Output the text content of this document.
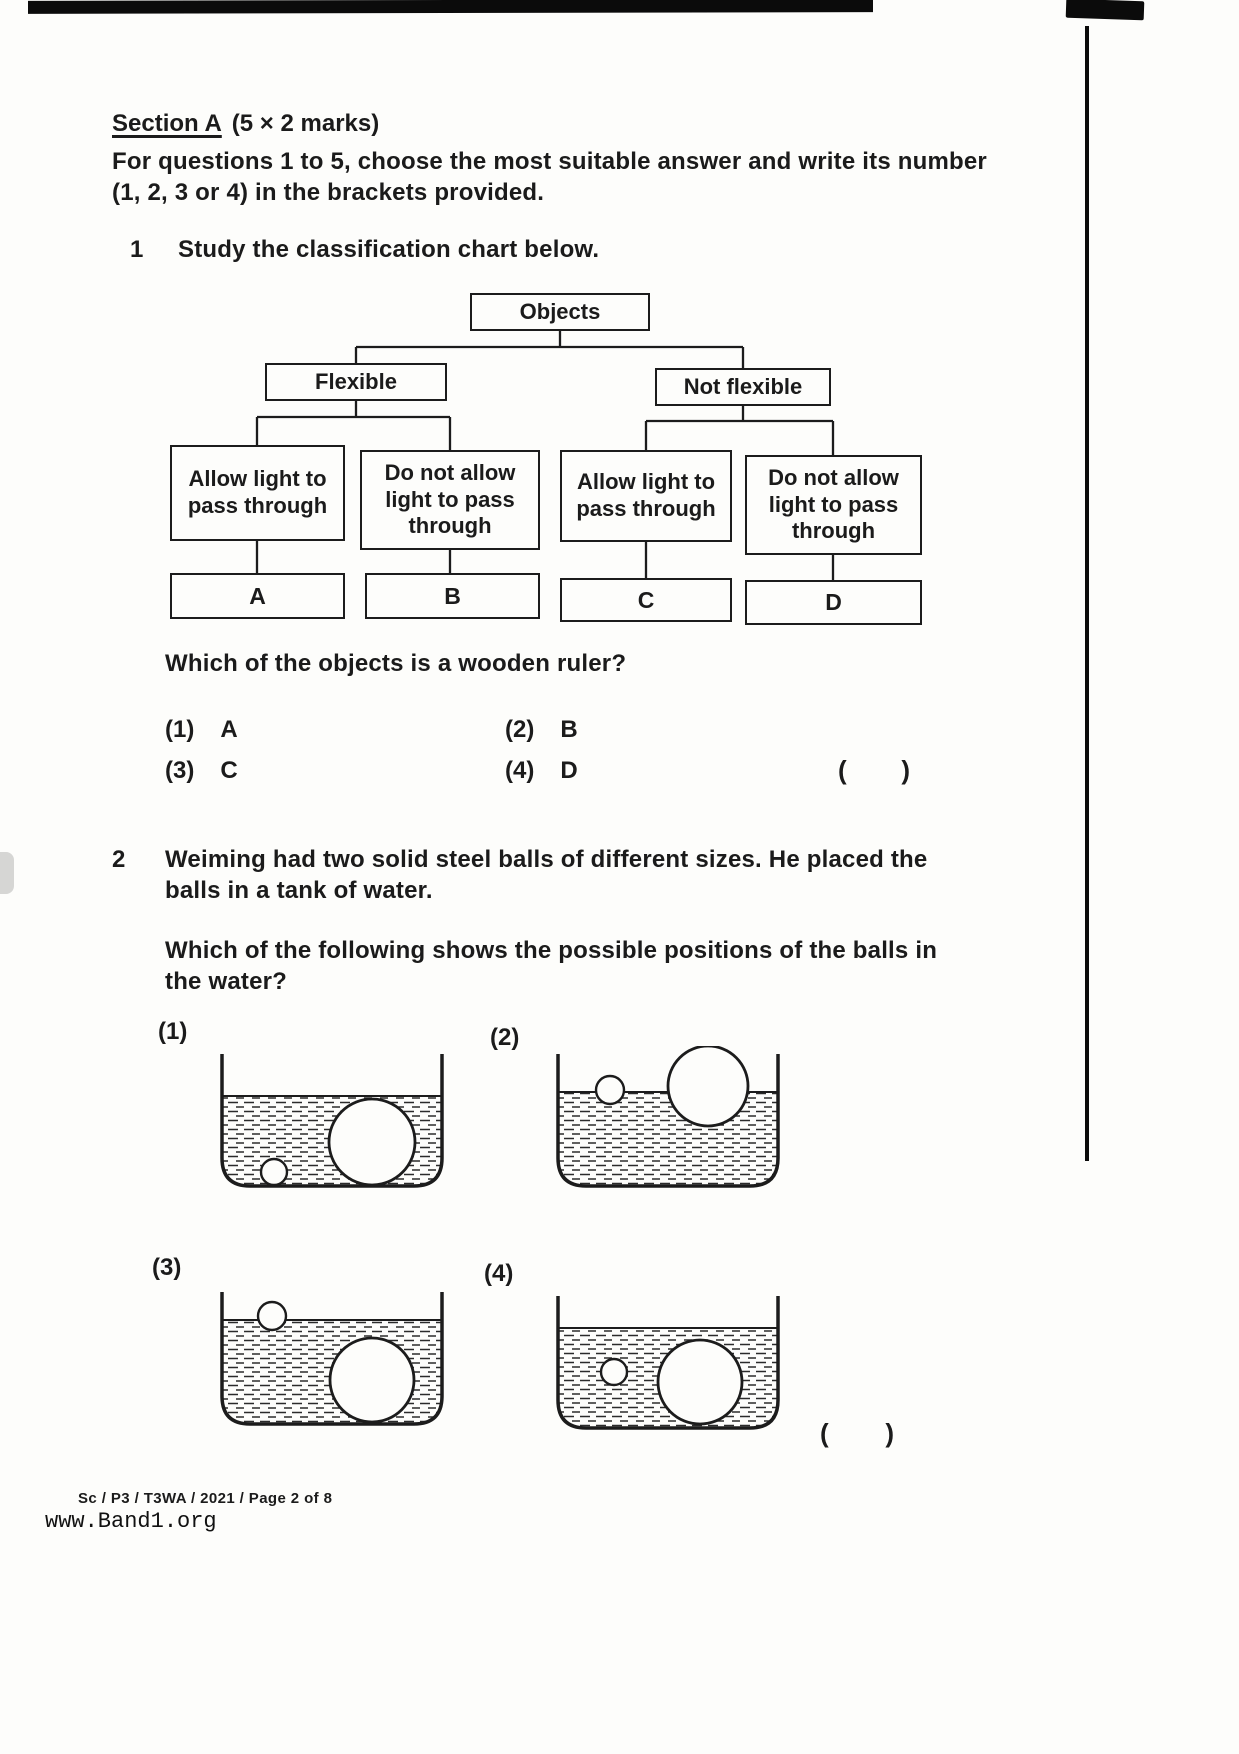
Section A (5 × 2 marks)
For questions 1 to 5, choose the most suitable answer and write its number
(1, 2, 3 or 4) in the brackets provided.
1 Study the classification chart below.
Objects
Flexible	Not flexible
Allow light to pass through
Do not allow light to pass through
Allow light to pass through
Do not allow light to pass through
A	B	C	D
Which of the objects is a wooden ruler?
(1) A	(2) B
(3) C	(4) D	( )
2 Weiming had two solid steel balls of different sizes. He placed the
balls in a tank of water.
Which of the following shows the possible positions of the balls in
the water?
(1)	(2)
(3)	(4)
( )
Sc / P3 / T3WA / 2021 / Page 2 of 8
www.Band1.org
